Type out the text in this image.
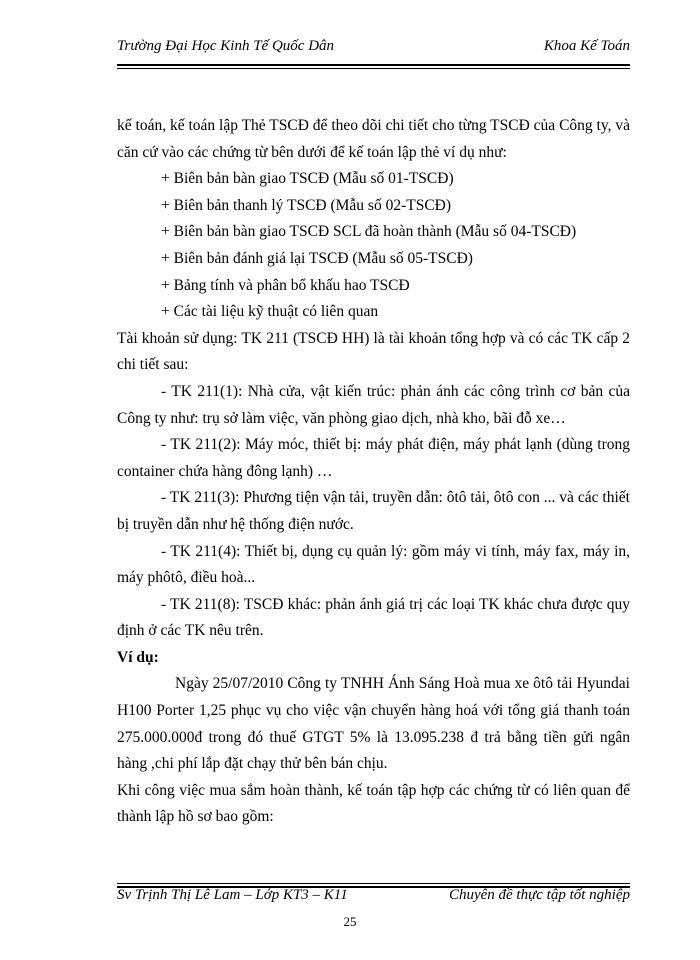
Trường Đại Học Kinh Tế Quốc Dân	Khoa Kế Toán

kế toán, kế toán lập Thẻ TSCĐ để theo dõi chi tiết cho từng TSCĐ của Công ty, và căn cứ vào các chứng từ bên dưới để kế toán lập thẻ ví dụ như:

+ Biên bản bàn giao TSCĐ (Mẫu số 01-TSCĐ)

+ Biên bản thanh lý TSCĐ (Mẫu số 02-TSCĐ)

+ Biên bản bàn giao TSCĐ SCL đã hoàn thành (Mẫu số 04-TSCĐ)

+ Biên bản đánh giá lại TSCĐ (Mẫu số 05-TSCĐ)

+ Bảng tính và phân bổ khấu hao TSCĐ

+ Các tài liệu kỹ thuật có liên quan

Tài khoản sử dụng: TK 211 (TSCĐ HH) là tài khoản tổng hợp và có các TK cấp 2 chi tiết sau:

- TK 211(1): Nhà cửa, vật kiến trúc: phản ánh các công trình cơ bản của Công ty như: trụ sở làm việc, văn phòng giao dịch, nhà kho, bãi đỗ xe…

- TK 211(2): Máy móc, thiết bị: máy phát điện, máy phát lạnh (dùng trong container chứa hàng đông lạnh) …

- TK 211(3): Phương tiện vận tải, truyền dẫn: ôtô tải, ôtô con ... và các thiết bị truyền dẫn như hệ thống điện nước.

- TK 211(4): Thiết bị, dụng cụ quản lý: gồm máy vi tính, máy fax, máy in, máy phôtô, điều hoà...

- TK 211(8): TSCĐ khác: phản ánh giá trị các loại TK khác chưa được quy định ở các TK nêu trên.

Ví dụ:

Ngày 25/07/2010 Công ty TNHH Ánh Sáng Hoà mua xe ôtô tải Hyundai H100 Porter 1,25 phục vụ cho việc vận chuyển hàng hoá với tổng giá thanh toán 275.000.000đ trong đó thuế GTGT 5% là 13.095.238 đ trả bằng tiền gửi ngân hàng ,chi phí lắp đặt chạy thử bên bán chịu.

Khi công việc mua sắm hoàn thành, kế toán tập hợp các chứng từ có liên quan để thành lập hồ sơ bao gồm:

Sv Trịnh Thị Lê Lam – Lớp KT3 – K11	Chuyên đề thực tập tốt nghiệp
25
